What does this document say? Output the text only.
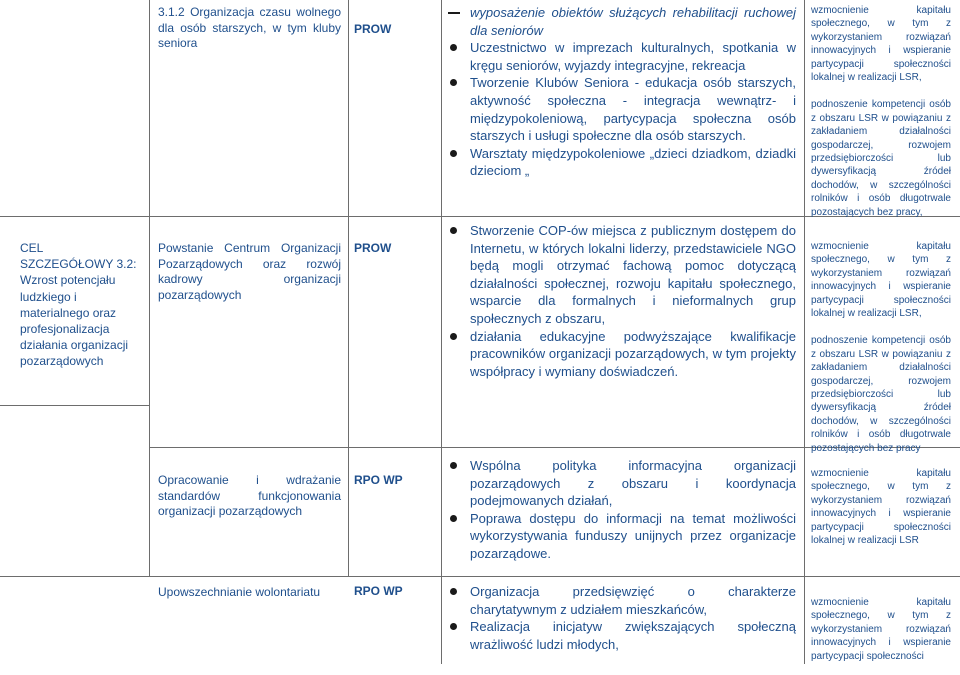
CEL SZCZEGÓŁOWY 3.2: Wzrost potencjału ludzkiego i materialnego oraz profesjonalizacja działania organizacji pozarządowych
3.1.2 Organizacja czasu wolnego dla osób starszych, w tym kluby seniora
PROW
wyposażenie obiektów służących rehabilitacji ruchowej dla seniorów
Uczestnictwo w imprezach kulturalnych, spotkania w kręgu seniorów, wyjazdy integracyjne, rekreacja
Tworzenie Klubów Seniora - edukacja osób starszych, aktywność społeczna - integracja wewnątrz- i międzypokoleniową, partycypacja społeczna osób starszych i usługi społeczne dla osób starszych.
Warsztaty międzypokoleniowe „dzieci dziadkom, dziadki dzieciom „

wzmocnienie kapitału społecznego, w tym z wykorzystaniem rozwiązań innowacyjnych i wspieranie partycypacji społeczności lokalnej w realizacji LSR,

podnoszenie kompetencji osób z obszaru LSR w powiązaniu z zakładaniem działalności gospodarczej, rozwojem przedsiębiorczości lub dywersyfikacją źródeł dochodów, w szczególności rolników i osób długotrwale pozostających bez pracy,

Powstanie Centrum Organizacji Pozarządowych oraz rozwój kadrowy organizacji pozarządowych
PROW
Stworzenie COP-ów miejsca z publicznym dostępem do Internetu, w których lokalni liderzy, przedstawiciele NGO będą mogli otrzymać fachową pomoc dotyczącą działalności społecznej, rozwoju kapitału społecznego, wsparcie dla formalnych i nieformalnych grup społecznych z obszaru,
działania edukacyjne podwyższające kwalifikacje pracowników organizacji pozarządowych, w tym projekty współpracy i wymiany doświadczeń.

wzmocnienie kapitału społecznego, w tym z wykorzystaniem rozwiązań innowacyjnych i wspieranie partycypacji społeczności lokalnej w realizacji LSR,

podnoszenie kompetencji osób z obszaru LSR w powiązaniu z zakładaniem działalności gospodarczej, rozwojem przedsiębiorczości lub dywersyfikacją źródeł dochodów, w szczególności rolników i osób długotrwale pozostających bez pracy

Opracowanie i wdrażanie standardów funkcjonowania organizacji pozarządowych
RPO WP
Wspólna polityka informacyjna organizacji pozarządowych z obszaru i koordynacja podejmowanych działań,
Poprawa dostępu do informacji na temat możliwości wykorzystywania funduszy unijnych przez organizacje pozarządowe.

wzmocnienie kapitału społecznego, w tym z wykorzystaniem rozwiązań innowacyjnych i wspieranie partycypacji społeczności lokalnej w realizacji LSR

Upowszechnianie wolontariatu	RPO WP	Organizacja przedsięwzięć o charakterze charytatywnym z udziałem mieszkańców,
Realizacja inicjatyw zwiększających społeczną wrażliwość ludzi młodych,

wzmocnienie kapitału społecznego, w tym z wykorzystaniem rozwiązań innowacyjnych i wspieranie partycypacji społeczności
